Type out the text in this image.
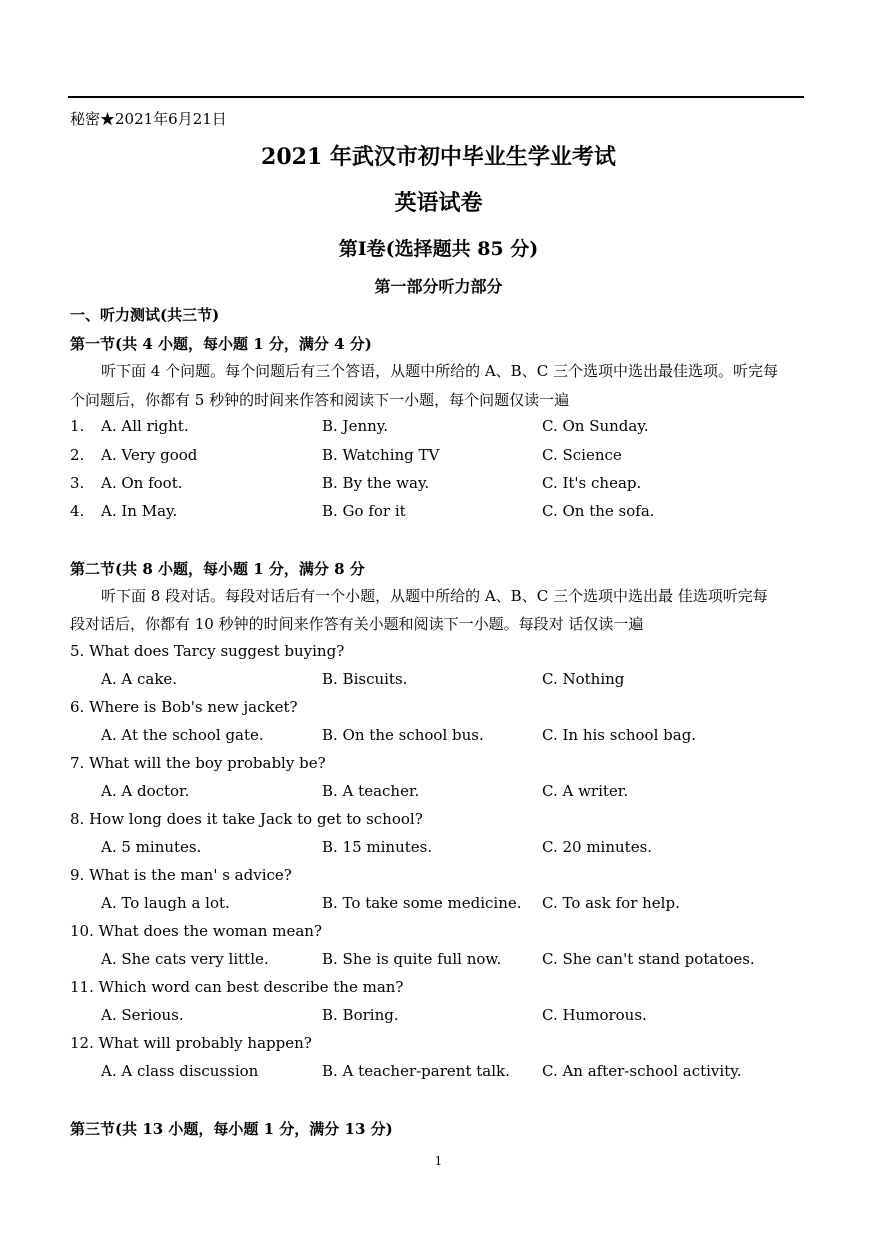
秘密★2021年6月21日
2021 年武汉市初中毕业生学业考试
英语试卷
第Ⅰ卷(选择题共 85 分)
第一部分听力部分
一、听力测试(共三节)
第一节(共 4 小题，每小题 1 分，满分 4 分)
听下面 4 个问题。每个问题后有三个答语，从题中所给的 A、B、C 三个选项中选出最佳选项。听完每
个问题后，你都有 5 秒钟的时间来作答和阅读下一小题，每个问题仅读一遍
1. A. All right.	B. Jenny.	C. On Sunday.
2. A. Very good	B. Watching TV	C. Science
3. A. On foot.	B. By the way.	C. It's cheap.
4. A. In May.	B. Go for it	C. On the sofa.
第二节(共 8 小题，每小题 1 分，满分 8 分
听下面 8 段对话。每段对话后有一个小题，从题中所给的 A、B、C 三个选项中选出最 佳选项听完每
段对话后，你都有 10 秒钟的时间来作答有关小题和阅读下一小题。每段对 话仅读一遍
5. What does Tarcy suggest buying?
A. A cake.	B. Biscuits.	C. Nothing
6. Where is Bob's new jacket?
A. At the school gate.	B. On the school bus.	C. In his school bag.
7. What will the boy probably be?
A. A doctor.	B. A teacher.	C. A writer.
8. How long does it take Jack to get to school?
A. 5 minutes.	B. 15 minutes.	C. 20 minutes.
9. What is the man' s advice?
A. To laugh a lot.	B. To take some medicine. C. To ask for help.
10. What does the woman mean?
A. She cats very little.	B. She is quite full now.	C. She can't stand potatoes.
11. Which word can best describe the man?
A. Serious.	B. Boring.	C. Humorous.
12. What will probably happen?
A. A class discussion	B. A teacher-parent talk. C. An after-school activity.
第三节(共 13 小题，每小题 1 分，满分 13 分)
1
